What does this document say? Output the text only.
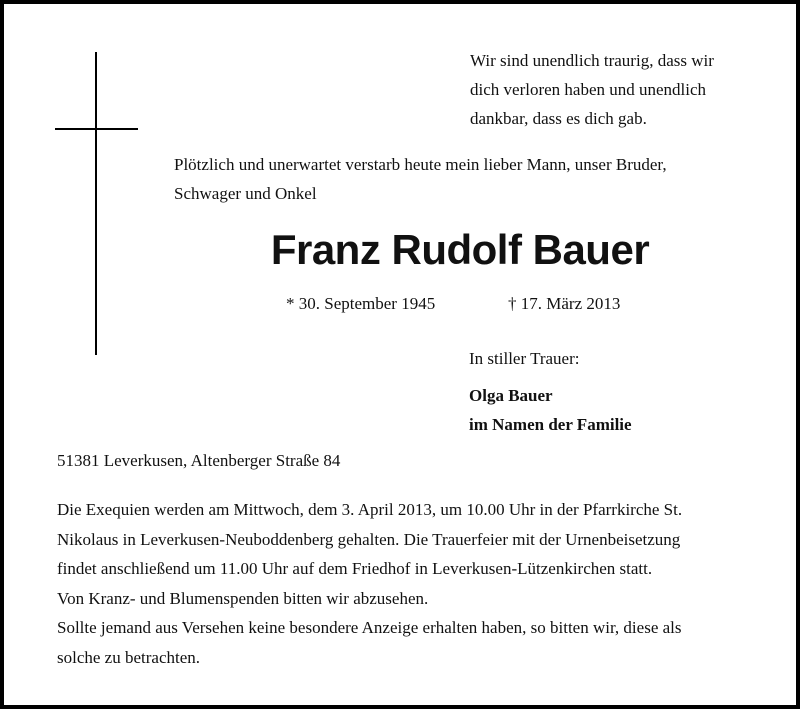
Wir sind unendlich traurig, dass wir
dich verloren haben und unendlich
dankbar, dass es dich gab.
Plötzlich und unerwartet verstarb heute mein lieber Mann, unser Bruder,
Schwager und Onkel
Franz Rudolf Bauer
* 30. September 1945	† 17. März 2013
In stiller Trauer:
Olga Bauer
im Namen der Familie
51381 Leverkusen, Altenberger Straße 84
Die Exequien werden am Mittwoch, dem 3. April 2013, um 10.00 Uhr in der Pfarrkirche St.
Nikolaus in Leverkusen-Neuboddenberg gehalten. Die Trauerfeier mit der Urnenbeisetzung
findet anschließend um 11.00 Uhr auf dem Friedhof in Leverkusen-Lützenkirchen statt.
Von Kranz- und Blumenspenden bitten wir abzusehen.
Sollte jemand aus Versehen keine besondere Anzeige erhalten haben, so bitten wir, diese als
solche zu betrachten.
